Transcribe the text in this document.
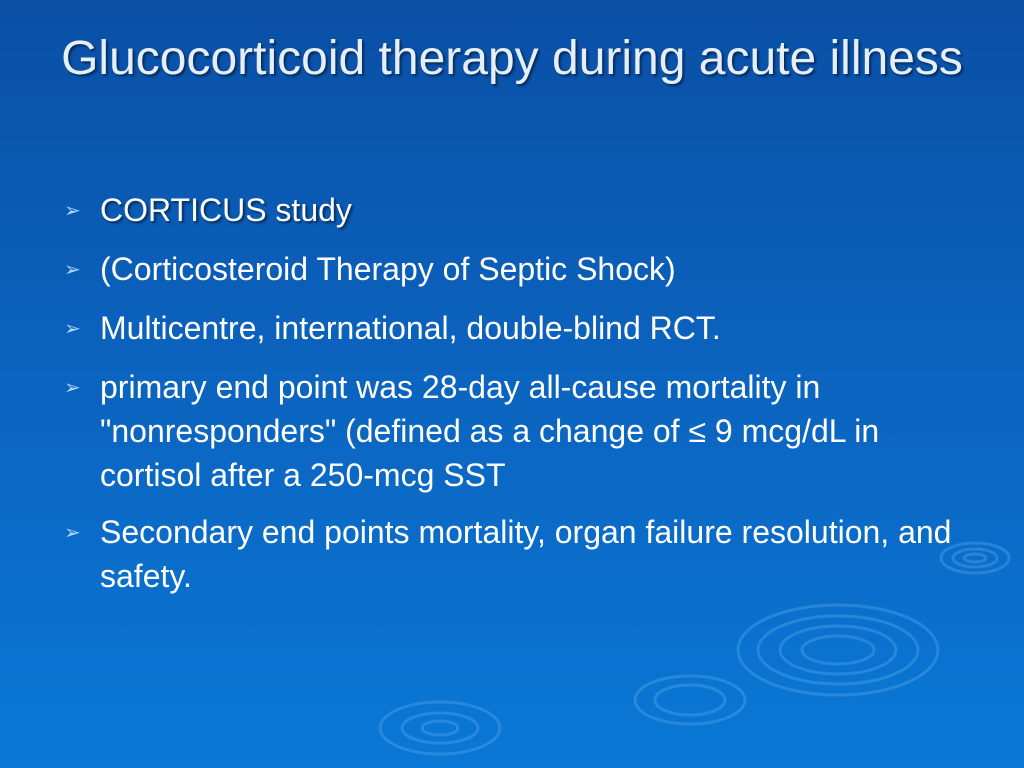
Glucocorticoid therapy during acute illness
➢ CORTICUS study
➢ (Corticosteroid Therapy of Septic Shock)
➢ Multicentre, international, double-blind RCT.
➢ primary end point was 28-day all-cause mortality in "nonresponders" (defined as a change of ≤ 9 mcg/dL in cortisol after a 250-mcg SST
➢ Secondary end points mortality, organ failure resolution, and safety.
